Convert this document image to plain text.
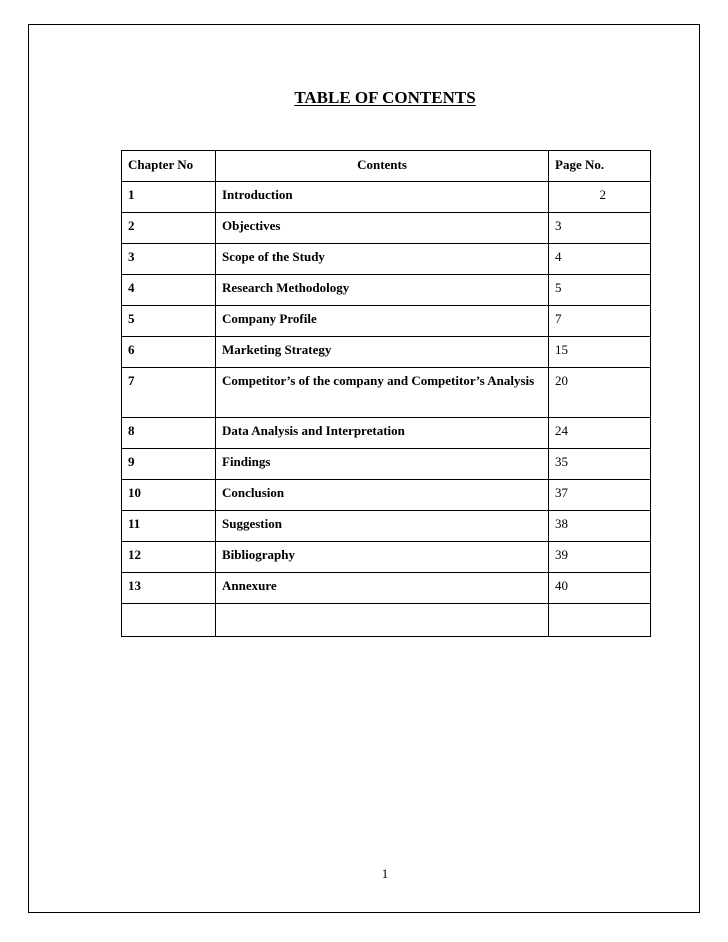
TABLE OF CONTENTS
Chapter No	Contents	Page No.
1	Introduction	2
2	Objectives	3
3	Scope of the Study	4
4	Research Methodology	5
5	Company Profile	7
6	Marketing Strategy	15
7	Competitor’s of the company and Competitor’s Analysis	20
8	Data Analysis and Interpretation	24
9	Findings	35
10	Conclusion	37
11	Suggestion	38
12	Bibliography	39
13	Annexure	40

1
